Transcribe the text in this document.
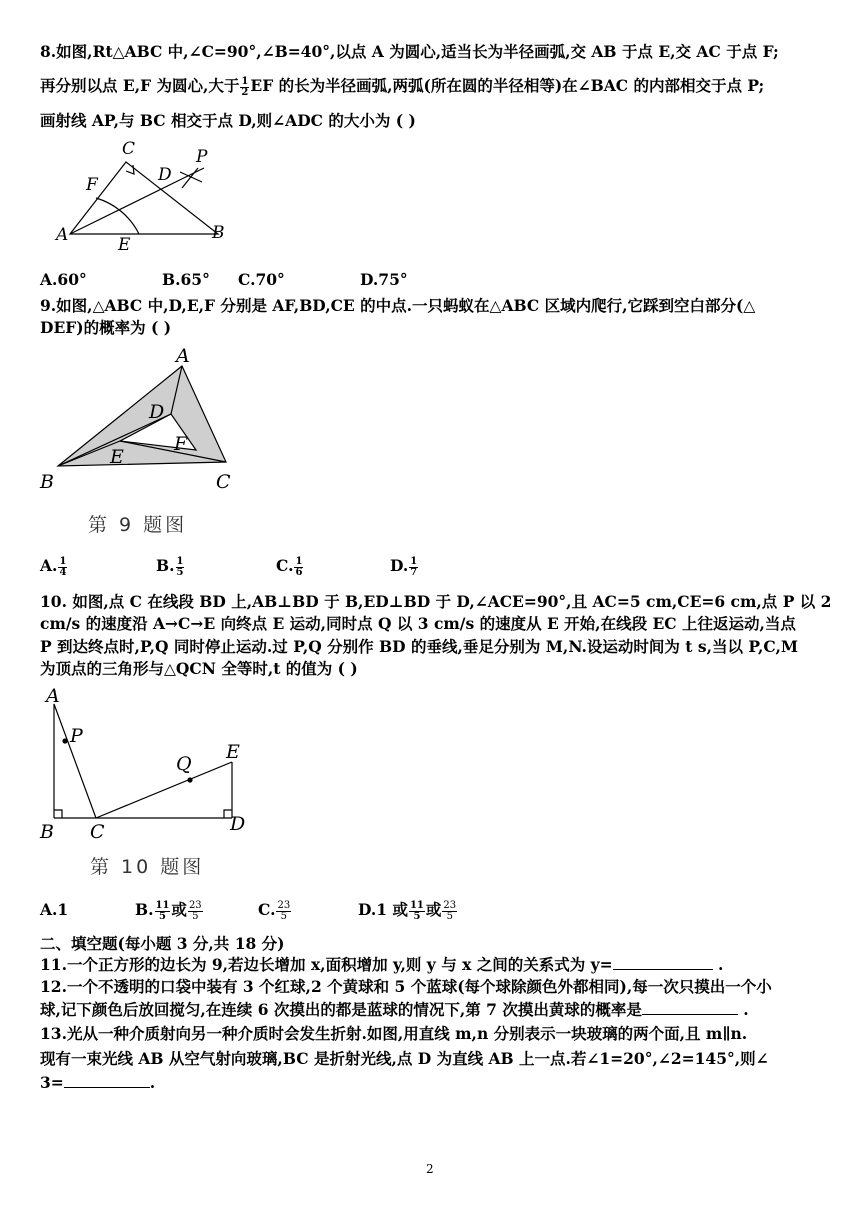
8.如图,Rt△ABC 中,∠C=90°,∠B=40°,以点 A 为圆心,适当长为半径画弧,交 AB 于点 E,交 AC 于点 F;
再分别以点 E,F 为圆心,大于 $\frac{1}{2}$ EF 的长为半径画弧,两弧(所在圆的半径相等)在∠BAC 的内部相交于点 P;
画射线 AP,与 BC 相交于点 D,则∠ADC 的大小为 ( )
C	P
F	D
A	E
B
A.60°	B.65° C.70°	D.75°
9.如图,△ABC 中,D,E,F 分别是 AF,BD,CE 的中点.一只蚂蚁在△ABC 区域内爬行,它踩到空白部分(△
DEF)的概率为 ( )
A
D
F
E
B	C
第 9 题图
A. $\frac{1}{4}$	B. $\frac{1}{5}$	C. $\frac{1}{6}$	D. $\frac{1}{7}$
10. 如图,点 C 在线段 BD 上,AB⊥BD 于 B,ED⊥BD 于 D,∠ACE=90°,且 AC=5 cm,CE=6 cm,点 P 以 2
cm/s 的速度沿 A→C→E 向终点 E 运动,同时点 Q 以 3 cm/s 的速度从 E 开始,在线段 EC 上往返运动,当点
P 到达终点时,P,Q 同时停止运动.过 P,Q 分别作 BD 的垂线,垂足分别为 M,N.设运动时间为 t s,当以 P,C,M
为顶点的三角形与△QCN 全等时,t 的值为 ( )
A
P
Q
E
B C	D
第 10 题图
A.1	B. $\frac{11}{5}$ 或 $\frac{23}{5}$	C. $\frac{23}{5}$	D.1 或 $\frac{11}{5}$ 或 $\frac{23}{5}$
二、填空题(每小题 3 分,共 18 分)
11.一个正方形的边长为 9,若边长增加 x,面积增加 y,则 y 与 x 之间的关系式为 y=	.
12.一个不透明的口袋中装有 3 个红球,2 个黄球和 5 个蓝球(每个球除颜色外都相同),每一次只摸出一个小
球,记下颜色后放回搅匀,在连续 6 次摸出的都是蓝球的情况下,第 7 次摸出黄球的概率是	.
13.光从一种介质射向另一种介质时会发生折射.如图,用直线 m,n 分别表示一块玻璃的两个面,且 m∥n.
现有一束光线 AB 从空气射向玻璃,BC 是折射光线,点 D 为直线 AB 上一点.若∠1=20°,∠2=145°,则∠
3=	.
2
